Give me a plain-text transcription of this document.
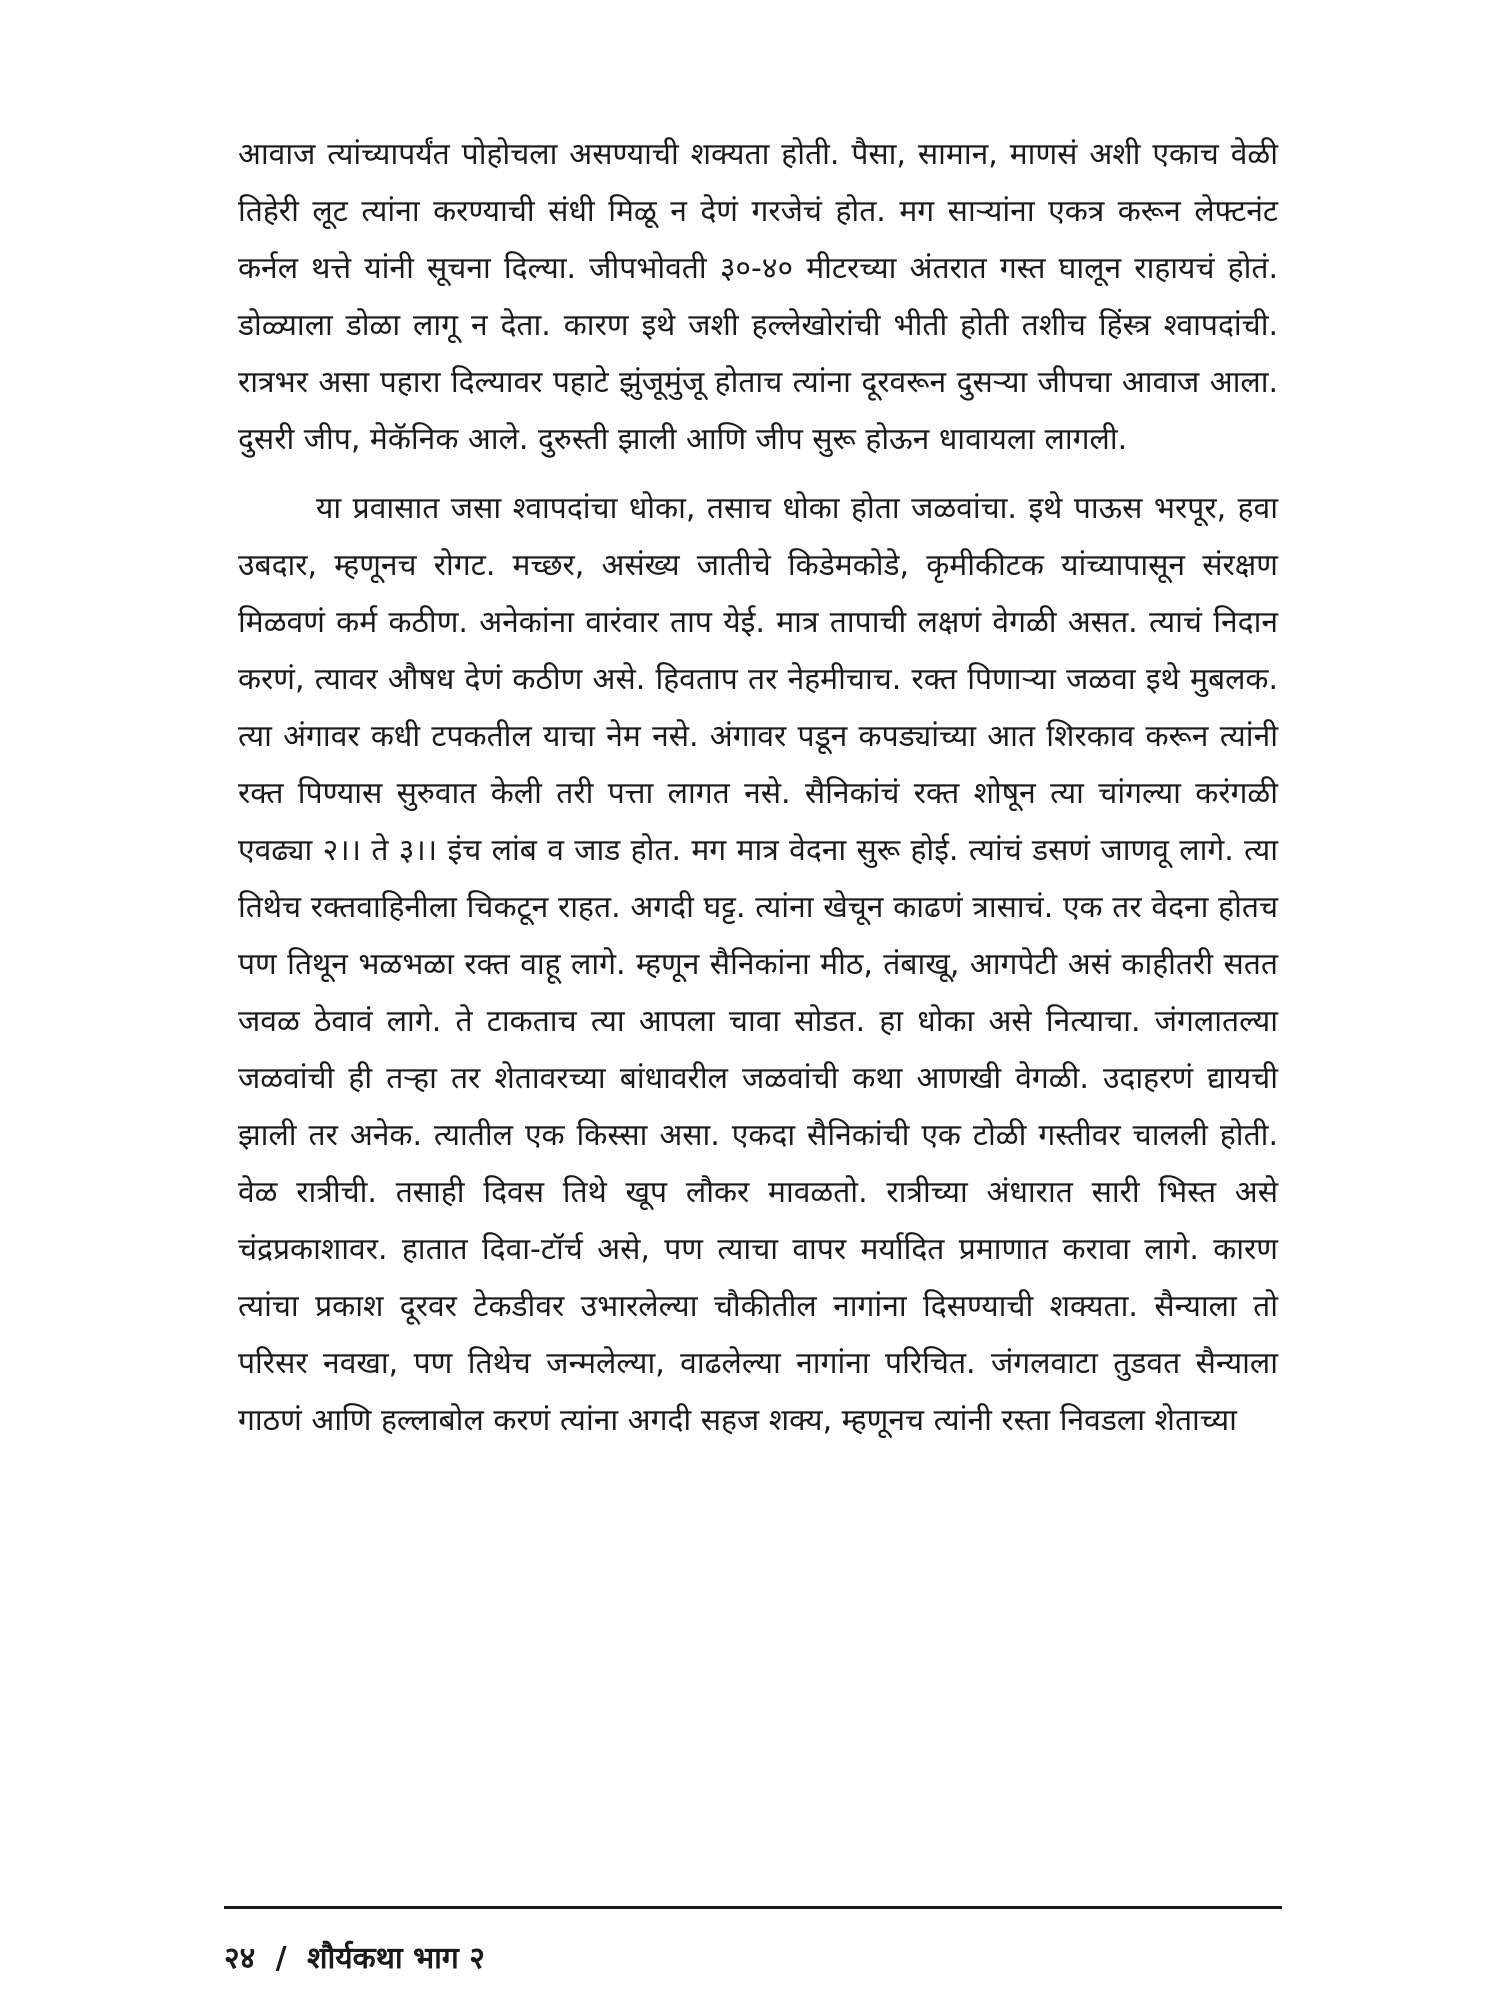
आवाज त्यांच्यापर्यंत पोहोचला असण्याची शक्यता होती. पैसा, सामान, माणसं अशी एकाच वेळी तिहेरी लूट त्यांना करण्याची संधी मिळू न देणं गरजेचं होत. मग साऱ्यांना एकत्र करून लेफ्टनंट कर्नल थत्ते यांनी सूचना दिल्या. जीपभोवती ३०-४० मीटरच्या अंतरात गस्त घालून राहायचं होतं. डोळ्याला डोळा लागू न देता. कारण इथे जशी हल्लेखोरांची भीती होती तशीच हिंस्त्र श्वापदांची. रात्रभर असा पहारा दिल्यावर पहाटे झुंजूमुंजू होताच त्यांना दूरवरून दुसऱ्या जीपचा आवाज आला. दुसरी जीप, मेकॅनिक आले. दुरुस्ती झाली आणि जीप सुरू होऊन धावायला लागली.

या प्रवासात जसा श्वापदांचा धोका, तसाच धोका होता जळवांचा. इथे पाऊस भरपूर, हवा उबदार, म्हणूनच रोगट. मच्छर, असंख्य जातीचे किडेमकोडे, कृमीकीटक यांच्यापासून संरक्षण मिळवणं कर्म कठीण. अनेकांना वारंवार ताप येई. मात्र तापाची लक्षणं वेगळी असत. त्याचं निदान करणं, त्यावर औषध देणं कठीण असे. हिवताप तर नेहमीचाच. रक्त पिणाऱ्या जळवा इथे मुबलक. त्या अंगावर कधी टपकतील याचा नेम नसे. अंगावर पडून कपड्यांच्या आत शिरकाव करून त्यांनी रक्त पिण्यास सुरुवात केली तरी पत्ता लागत नसे. सैनिकांचं रक्त शोषून त्या चांगल्या करंगळी एवढ्या २।। ते ३।। इंच लांब व जाड होत. मग मात्र वेदना सुरू होई. त्यांचं डसणं जाणवू लागे. त्या तिथेच रक्तवाहिनीला चिकटून राहत. अगदी घट्ट. त्यांना खेचून काढणं त्रासाचं. एक तर वेदना होतच पण तिथून भळभळा रक्त वाहू लागे. म्हणून सैनिकांना मीठ, तंबाखू, आगपेटी असं काहीतरी सतत जवळ ठेवावं लागे. ते टाकताच त्या आपला चावा सोडत. हा धोका असे नित्याचा. जंगलातल्या जळवांची ही तऱ्हा तर शेतावरच्या बांधावरील जळवांची कथा आणखी वेगळी. उदाहरणं द्यायची झाली तर अनेक. त्यातील एक किस्सा असा. एकदा सैनिकांची एक टोळी गस्तीवर चालली होती. वेळ रात्रीची. तसाही दिवस तिथे खूप लौकर मावळतो. रात्रीच्या अंधारात सारी भिस्त असे चंद्रप्रकाशावर. हातात दिवा-टॉर्च असे, पण त्याचा वापर मर्यादित प्रमाणात करावा लागे. कारण त्यांचा प्रकाश दूरवर टेकडीवर उभारलेल्या चौकीतील नागांना दिसण्याची शक्यता. सैन्याला तो परिसर नवखा, पण तिथेच जन्मलेल्या, वाढलेल्या नागांना परिचित. जंगलवाटा तुडवत सैन्याला गाठणं आणि हल्लाबोल करणं त्यांना अगदी सहज शक्य, म्हणूनच त्यांनी रस्ता निवडला शेताच्या

२४ / शौर्यकथा भाग २
